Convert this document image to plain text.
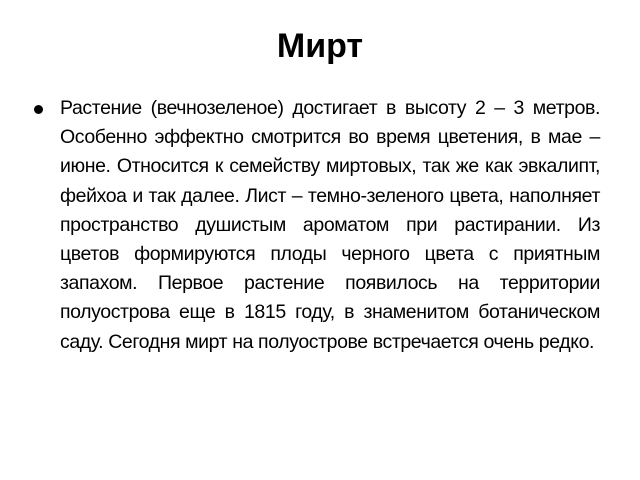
Мирт
Растение (вечнозеленое) достигает в высоту 2 – 3 метров. Особенно эффектно смотрится во время цветения, в мае – июне. Относится к семейству миртовых, так же как эвкалипт, фейхоа и так далее. Лист – темно-зеленого цвета, наполняет пространство душистым ароматом при растирании. Из цветов формируются плоды черного цвета с приятным запахом. Первое растение появилось на территории полуострова еще в 1815 году, в знаменитом ботаническом саду. Сегодня мирт на полуострове встречается очень редко.
